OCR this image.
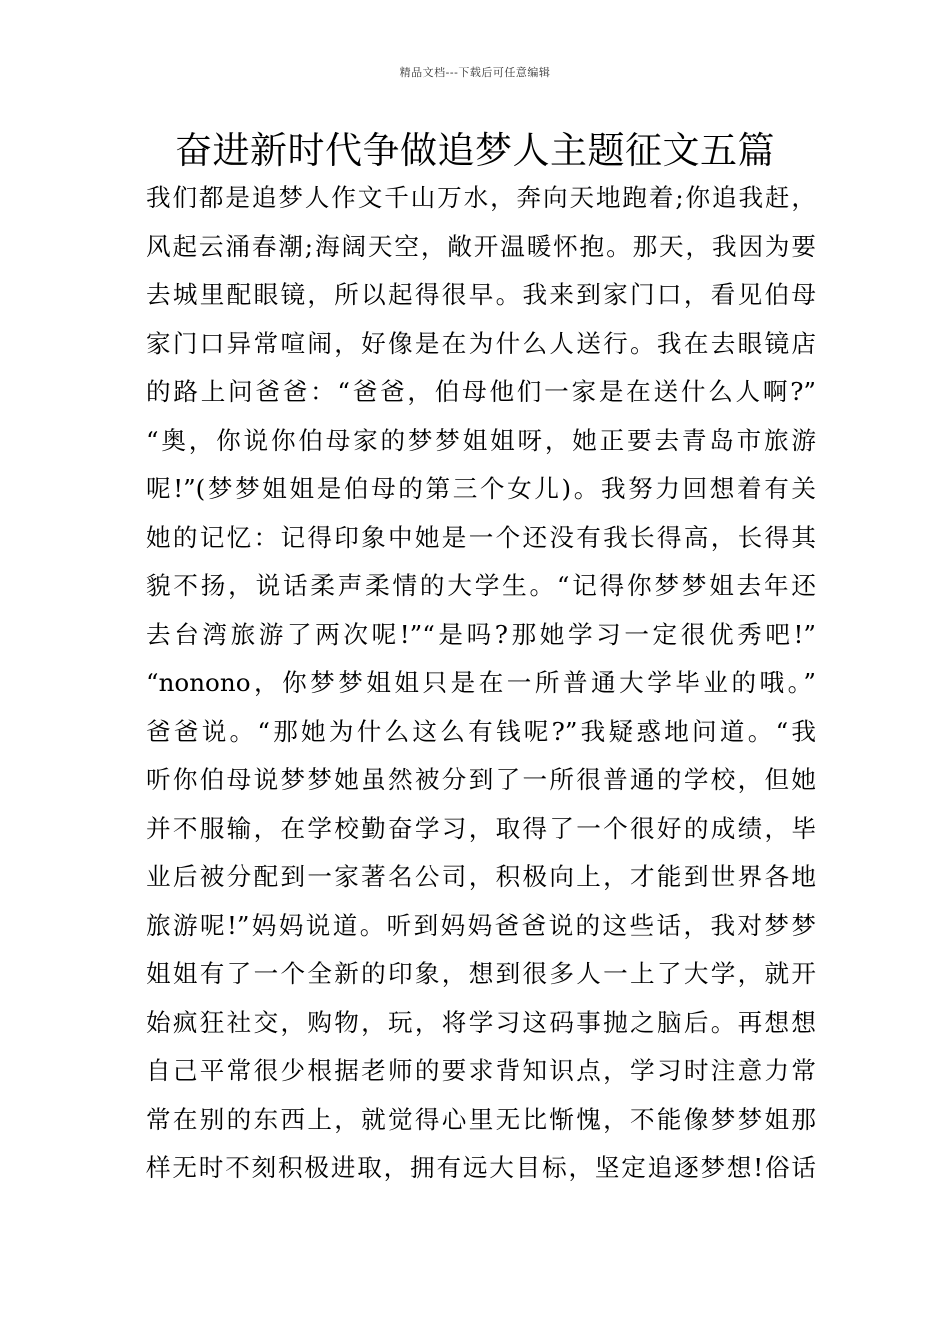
精品文档---下载后可任意编辑
奋进新时代争做追梦人主题征文五篇
我们都是追梦人作文千山万水，奔向天地跑着;你追我赶，
风起云涌春潮;海阔天空，敞开温暖怀抱。那天，我因为要
去城里配眼镜，所以起得很早。我来到家门口，看见伯母
家门口异常喧闹，好像是在为什么人送行。我在去眼镜店
的路上问爸爸：“爸爸，伯母他们一家是在送什么人啊?”
“奥，你说你伯母家的梦梦姐姐呀，她正要去青岛市旅游
呢!”(梦梦姐姐是伯母的第三个女儿)。我努力回想着有关
她的记忆：记得印象中她是一个还没有我长得高，长得其
貌不扬，说话柔声柔情的大学生。“记得你梦梦姐去年还
去台湾旅游了两次呢!”“是吗?那她学习一定很优秀吧!”
“nonono，你梦梦姐姐只是在一所普通大学毕业的哦。”
爸爸说。“那她为什么这么有钱呢?”我疑惑地问道。“我
听你伯母说梦梦她虽然被分到了一所很普通的学校，但她
并不服输，在学校勤奋学习，取得了一个很好的成绩，毕
业后被分配到一家著名公司，积极向上，才能到世界各地
旅游呢!”妈妈说道。听到妈妈爸爸说的这些话，我对梦梦
姐姐有了一个全新的印象，想到很多人一上了大学，就开
始疯狂社交，购物，玩，将学习这码事抛之脑后。再想想
自己平常很少根据老师的要求背知识点，学习时注意力常
常在别的东西上，就觉得心里无比惭愧，不能像梦梦姐那
样无时不刻积极进取，拥有远大目标，坚定追逐梦想!俗话
